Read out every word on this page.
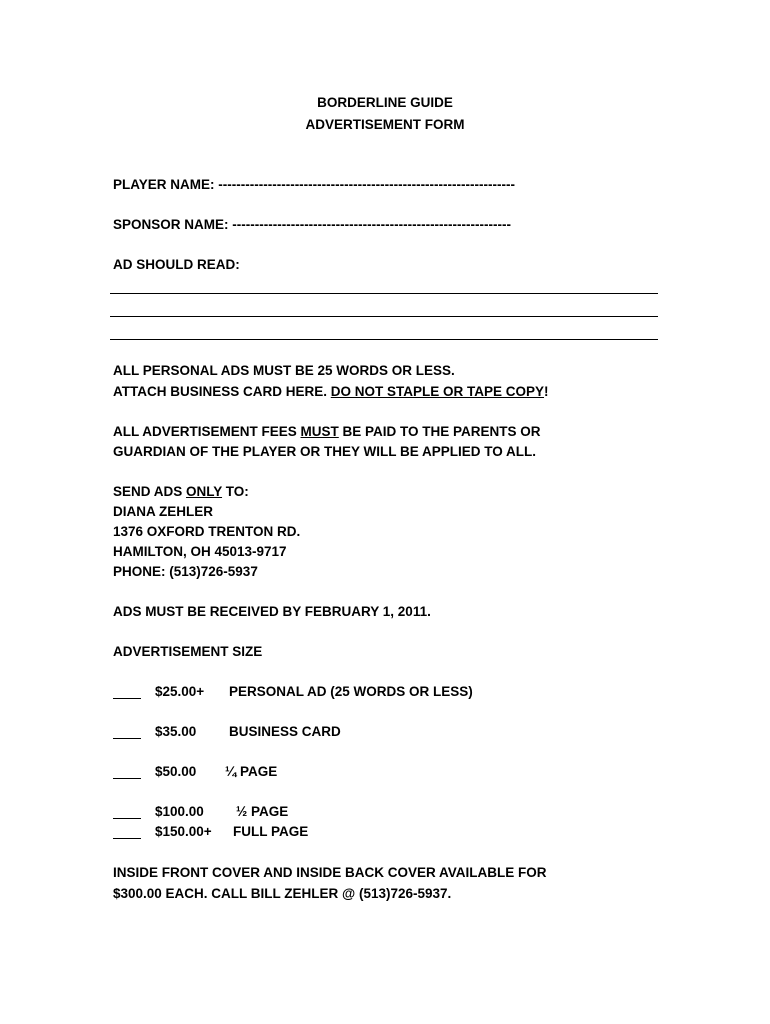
BORDERLINE GUIDE
ADVERTISEMENT FORM
PLAYER NAME: ------------------------------------------------------------------
SPONSOR NAME: --------------------------------------------------------------
AD SHOULD READ:
ALL PERSONAL ADS MUST BE 25 WORDS OR LESS.
ATTACH BUSINESS CARD HERE. DO NOT STAPLE OR TAPE COPY!
ALL ADVERTISEMENT FEES MUST BE PAID TO THE PARENTS OR
GUARDIAN OF THE PLAYER OR THEY WILL BE APPLIED TO ALL.
SEND ADS ONLY TO:
DIANA ZEHLER
1376 OXFORD TRENTON RD.
HAMILTON, OH 45013-9717
PHONE: (513)726-5937
ADS MUST BE RECEIVED BY FEBRUARY 1, 2011.
ADVERTISEMENT SIZE
$25.00+ PERSONAL AD (25 WORDS OR LESS)
$35.00 BUSINESS CARD
$50.00 ¼ PAGE
$100.00 ½ PAGE
$150.00+ FULL PAGE
INSIDE FRONT COVER AND INSIDE BACK COVER AVAILABLE FOR
$300.00 EACH. CALL BILL ZEHLER @ (513)726-5937.
